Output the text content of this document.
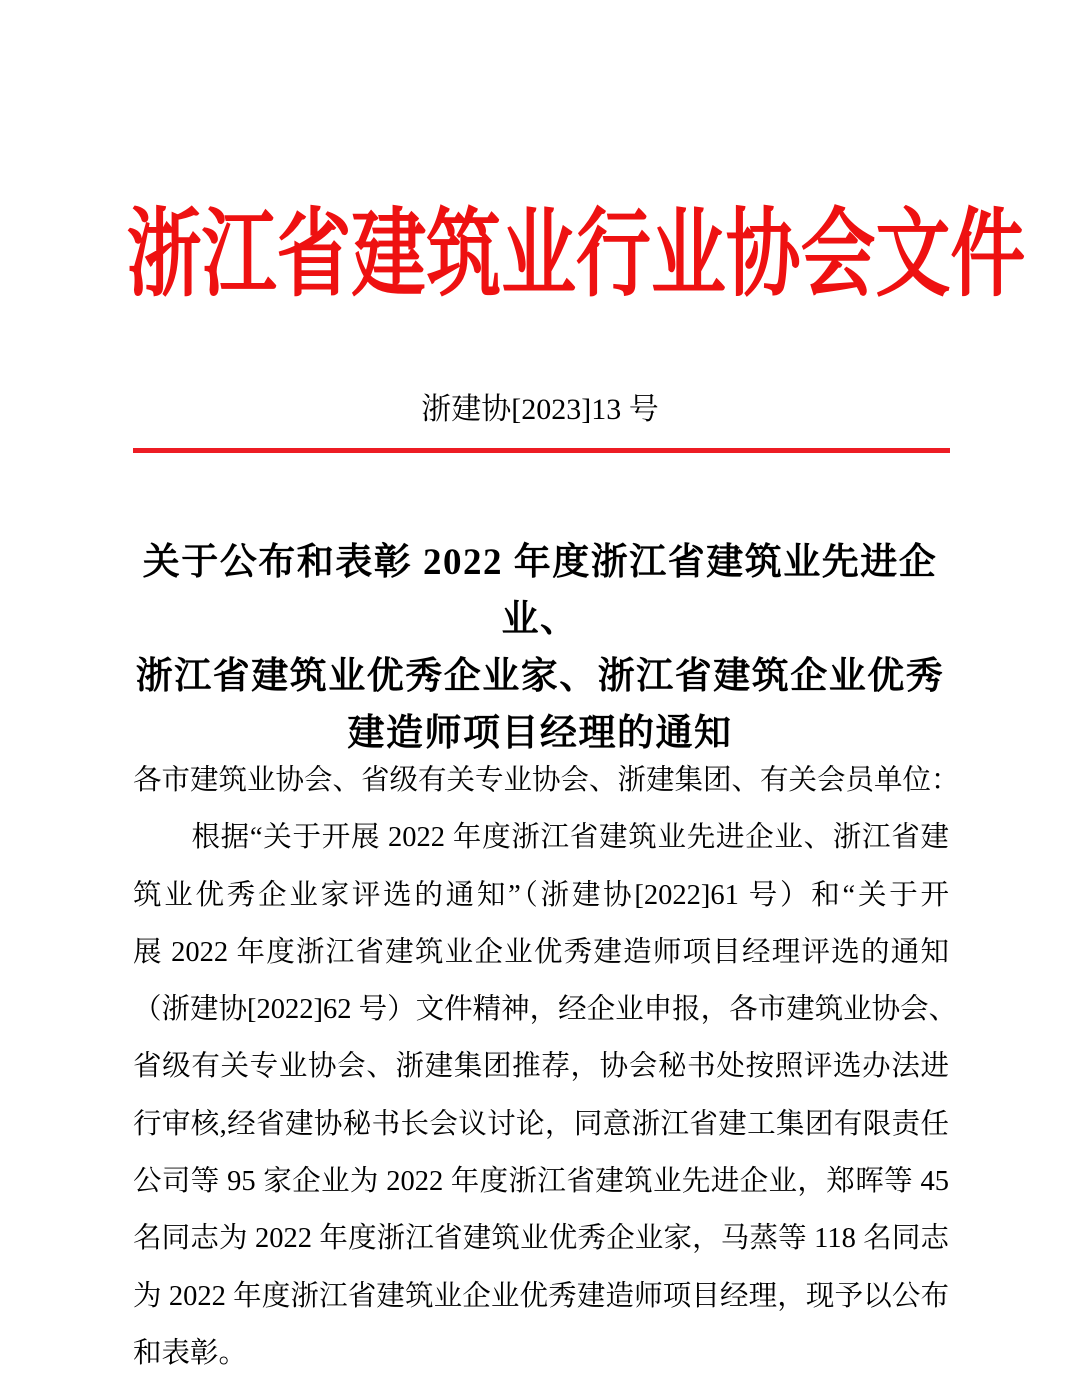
浙江省建筑业行业协会文件
浙建协[2023]13 号
关于公布和表彰 2022 年度浙江省建筑业先进企业、
浙江省建筑业优秀企业家、浙江省建筑企业优秀
建造师项目经理的通知
各市建筑业协会、省级有关专业协会、浙建集团、有关会员单位：
　　根据“关于开展 2022 年度浙江省建筑业先进企业、浙江省建
筑业优秀企业家评选的通知”（浙建协[2022]61 号）和“关于开
展 2022 年度浙江省建筑业企业优秀建造师项目经理评选的通知
（浙建协[2022]62 号）文件精神，经企业申报，各市建筑业协会、
省级有关专业协会、浙建集团推荐，协会秘书处按照评选办法进
行审核,经省建协秘书长会议讨论，同意浙江省建工集团有限责任
公司等 95 家企业为 2022 年度浙江省建筑业先进企业，郑晖等 45
名同志为 2022 年度浙江省建筑业优秀企业家，马蒸等 118 名同志
为 2022 年度浙江省建筑业企业优秀建造师项目经理，现予以公布
和表彰。
